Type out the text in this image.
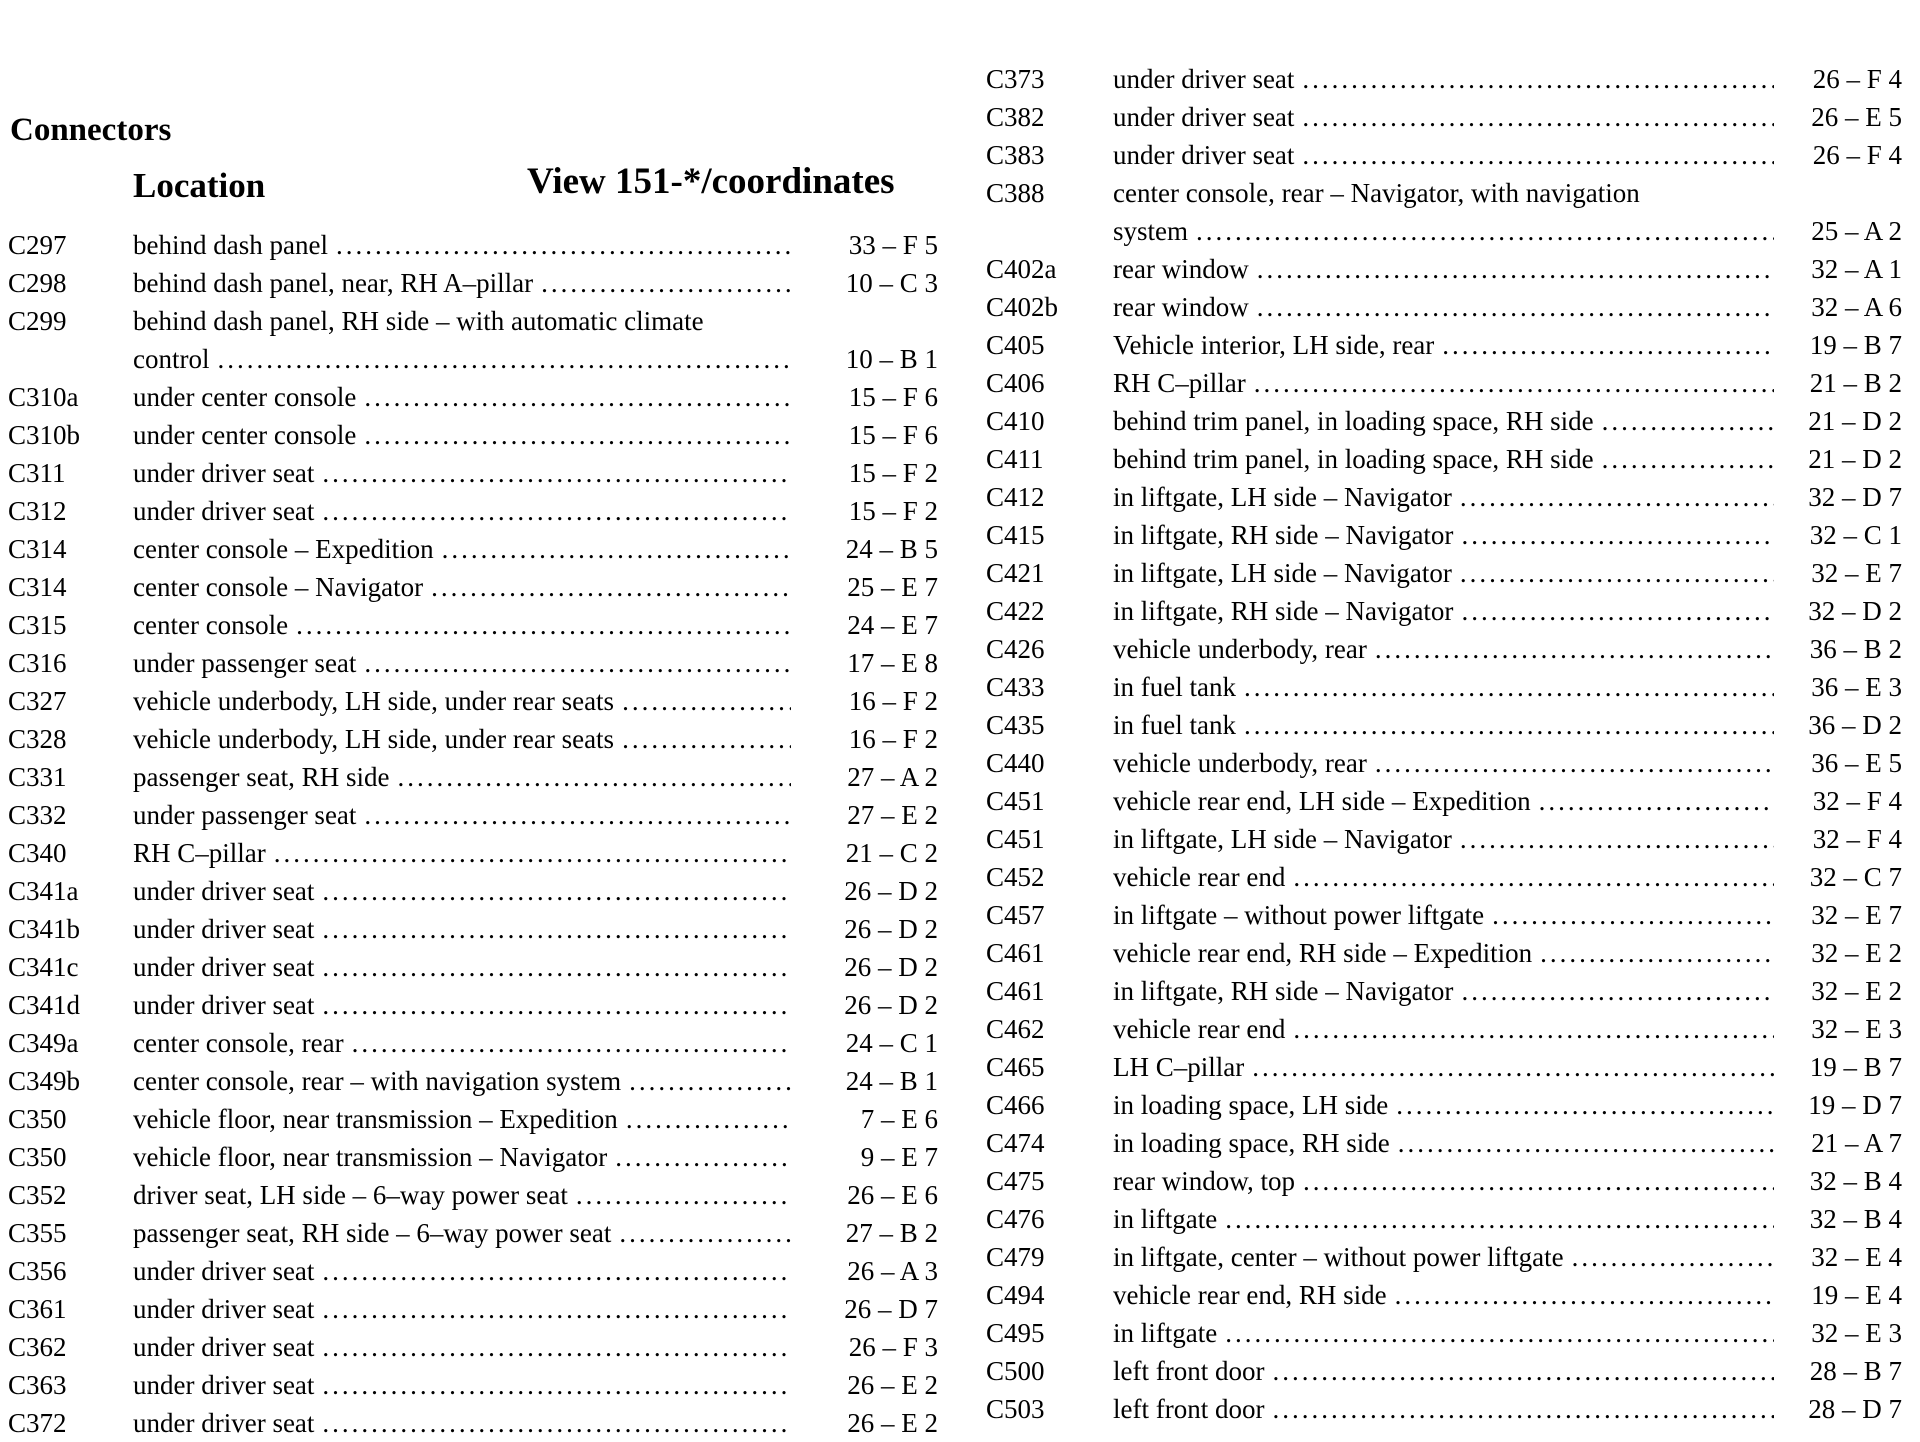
Connectors
Location	View 151-*/coordinates
C297 behind dash panel .....	33 – F 5
C298 behind dash panel, near, RH A–pillar .....	10 – C 3
C299 behind dash panel, RH side – with automatic climate
control .....	10 – B 1
C310a under center console .....	15 – F 6
C310b under center console .....	15 – F 6
C311 under driver seat .....	15 – F 2
C312 under driver seat .....	15 – F 2
C314 center console – Expedition .....	24 – B 5
C314 center console – Navigator .....	25 – E 7
C315 center console .....	24 – E 7
C316 under passenger seat .....	17 – E 8
C327 vehicle underbody, LH side, under rear seats .....	16 – F 2
C328 vehicle underbody, LH side, under rear seats .....	16 – F 2
C331 passenger seat, RH side .....	27 – A 2
C332 under passenger seat .....	27 – E 2
C340 RH C–pillar .....	21 – C 2
C341a under driver seat .....	26 – D 2
C341b under driver seat .....	26 – D 2
C341c under driver seat .....	26 – D 2
C341d under driver seat .....	26 – D 2
C349a center console, rear .....	24 – C 1
C349b center console, rear – with navigation system .....	24 – B 1
C350 vehicle floor, near transmission – Expedition .....	7 – E 6
C350 vehicle floor, near transmission – Navigator .....	9 – E 7
C352 driver seat, LH side – 6–way power seat .....	26 – E 6
C355 passenger seat, RH side – 6–way power seat .....	27 – B 2
C356 under driver seat .....	26 – A 3
C361 under driver seat .....	26 – D 7
C362 under driver seat .....	26 – F 3
C363 under driver seat .....	26 – E 2
C372 under driver seat .....	26 – E 2
C373	under driver seat .....	26 – F 4
C382	under driver seat .....	26 – E 5
C383	under driver seat .....	26 – F 4
C388	center console, rear – Navigator, with navigation
system .....	25 – A 2
C402a rear window .....	32 – A 1
C402b rear window .....	32 – A 6
C405	Vehicle interior, LH side, rear .....	19 – B 7
C406	RH C–pillar .....	21 – B 2
C410	behind trim panel, in loading space, RH side .....	21 – D 2
C411	behind trim panel, in loading space, RH side .....	21 – D 2
C412	in liftgate, LH side – Navigator .....	32 – D 7
C415	in liftgate, RH side – Navigator .....	32 – C 1
C421	in liftgate, LH side – Navigator .....	32 – E 7
C422	in liftgate, RH side – Navigator .....	32 – D 2
C426	vehicle underbody, rear .....	36 – B 2
C433	in fuel tank .....	36 – E 3
C435	in fuel tank .....	36 – D 2
C440	vehicle underbody, rear .....	36 – E 5
C451	vehicle rear end, LH side – Expedition .....	32 – F 4
C451	in liftgate, LH side – Navigator .....	32 – F 4
C452	vehicle rear end .....	32 – C 7
C457	in liftgate – without power liftgate .....	32 – E 7
C461	vehicle rear end, RH side – Expedition .....	32 – E 2
C461	in liftgate, RH side – Navigator .....	32 – E 2
C462	vehicle rear end .....	32 – E 3
C465	LH C–pillar .....	19 – B 7
C466	in loading space, LH side .....	19 – D 7
C474	in loading space, RH side .....	21 – A 7
C475	rear window, top .....	32 – B 4
C476	in liftgate .....	32 – B 4
C479	in liftgate, center – without power liftgate .....	32 – E 4
C494	vehicle rear end, RH side .....	19 – E 4
C495	in liftgate .....	32 – E 3
C500	left front door .....	28 – B 7
C503	left front door .....	28 – D 7
